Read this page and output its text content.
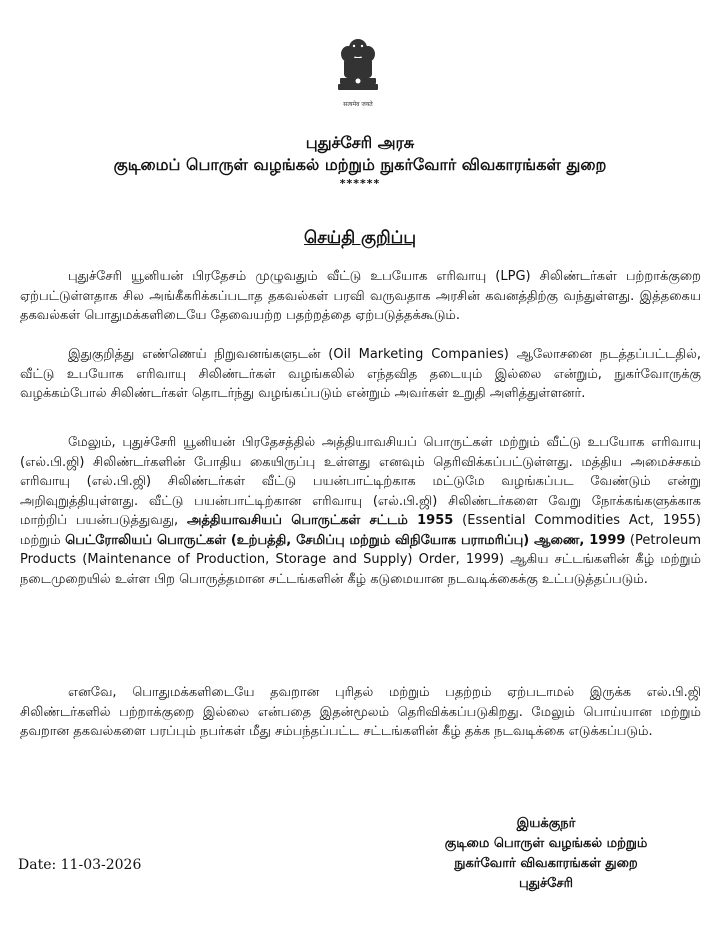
सत्यमेव जयते
புதுச்சேரி அரசு
குடிமைப் பொருள் வழங்கல் மற்றும் நுகர்வோர் விவகாரங்கள் துறை
******
செய்தி குறிப்பு

புதுச்சேரி யூனியன் பிரதேசம் முழுவதும் வீட்டு உபயோக எரிவாயு (LPG) சிலிண்டர்கள் பற்றாக்குறை ஏற்பட்டுள்ளதாக சில அங்கீகரிக்கப்படாத தகவல்கள் பரவி வருவதாக அரசின் கவனத்திற்கு வந்துள்ளது. இத்தகைய தகவல்கள் பொதுமக்களிடையே தேவையற்ற பதற்றத்தை ஏற்படுத்தக்கூடும்.

இதுகுறித்து எண்ணெய் நிறுவனங்களுடன் (Oil Marketing Companies) ஆலோசனை நடத்தப்பட்டதில், வீட்டு உபயோக எரிவாயு சிலிண்டர்கள் வழங்கலில் எந்தவித தடையும் இல்லை என்றும், நுகர்வோருக்கு வழக்கம்போல் சிலிண்டர்கள் தொடர்ந்து வழங்கப்படும் என்றும் அவர்கள் உறுதி அளித்துள்ளனர்.

மேலும், புதுச்சேரி யூனியன் பிரதேசத்தில் அத்தியாவசியப் பொருட்கள் மற்றும் வீட்டு உபயோக எரிவாயு (எல்.பி.ஜி) சிலிண்டர்களின் போதிய கையிருப்பு உள்ளது எனவும் தெரிவிக்கப்பட்டுள்ளது. மத்திய அமைச்சகம் எரிவாயு (எல்.பி.ஜி) சிலிண்டர்கள் வீட்டு பயன்பாட்டிற்காக மட்டுமே வழங்கப்பட வேண்டும் என்று அறிவுறுத்தியுள்ளது. வீட்டு பயன்பாட்டிற்கான எரிவாயு (எல்.பி.ஜி) சிலிண்டர்களை வேறு நோக்கங்களுக்காக மாற்றிப் பயன்படுத்துவது, அத்தியாவசியப் பொருட்கள் சட்டம் 1955 (Essential Commodities Act, 1955) மற்றும் பெட்ரோலியப் பொருட்கள் (உற்பத்தி, சேமிப்பு மற்றும் விநியோக பராமரிப்பு) ஆணை, 1999 (Petroleum Products (Maintenance of Production, Storage and Supply) Order, 1999) ஆகிய சட்டங்களின் கீழ் மற்றும் நடைமுறையில் உள்ள பிற பொருத்தமான சட்டங்களின் கீழ் கடுமையான நடவடிக்கைக்கு உட்படுத்தப்படும்.

எனவே, பொதுமக்களிடையே தவறான புரிதல் மற்றும் பதற்றம் ஏற்படாமல் இருக்க எல்.பி.ஜி சிலிண்டர்களில் பற்றாக்குறை இல்லை என்பதை இதன்மூலம் தெரிவிக்கப்படுகிறது. மேலும் பொய்யான மற்றும் தவறான தகவல்களை பரப்பும் நபர்கள் மீது சம்பந்தப்பட்ட சட்டங்களின் கீழ் தக்க நடவடிக்கை எடுக்கப்படும்.

Date: 11-03-2026
இயக்குநர்
குடிமை பொருள் வழங்கல் மற்றும்
நுகர்வோர் விவகாரங்கள் துறை
புதுச்சேரி
